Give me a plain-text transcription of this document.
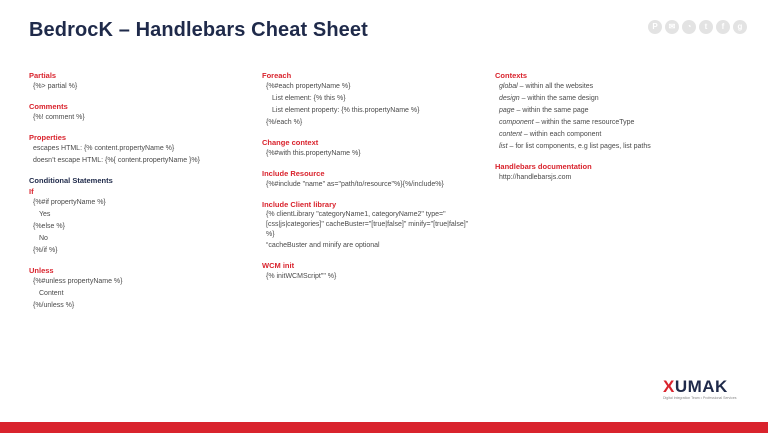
BedrocK – Handlebars Cheat Sheet	P	✉	◔	t	f	g
Partials
{%> partial %}
Comments
{%! comment %}
Properties
escapes HTML: {% content.propertyName %}
doesn’t escape HTML: {%{ content.propertyName }%}
Conditional Statements
If
{%#if propertyName %}
Yes
{%else %}
No
{%/if %}
Unless
{%#unless propertyName %}
Content
{%/unless %}
Foreach
{%#each propertyName %}
List element: {% this %}
List element property: {% this.propertyName %}
{%/each %}
Change context
{%#with this.propertyName %}
Include Resource
{%#include "name" as="path/to/resource"%}{%/include%}
Include Client library
{% clientLibrary "categoryName1, categoryName2" type="[css|js|categories]" cacheBuster="[true|false]" minify="[true|false]" %}
“cacheBuster and minify are optional
WCM init
{% initWCMScript"" %}
Contexts
global – within all the websites
design – within the same design
page – within the same page
component – within the same resourceType
content – within each component
list – for list components, e.g list pages, list paths
Handlebars documentation
http://handlebarsjs.com
XUMAK
Digital Integration Team • Professional Services
